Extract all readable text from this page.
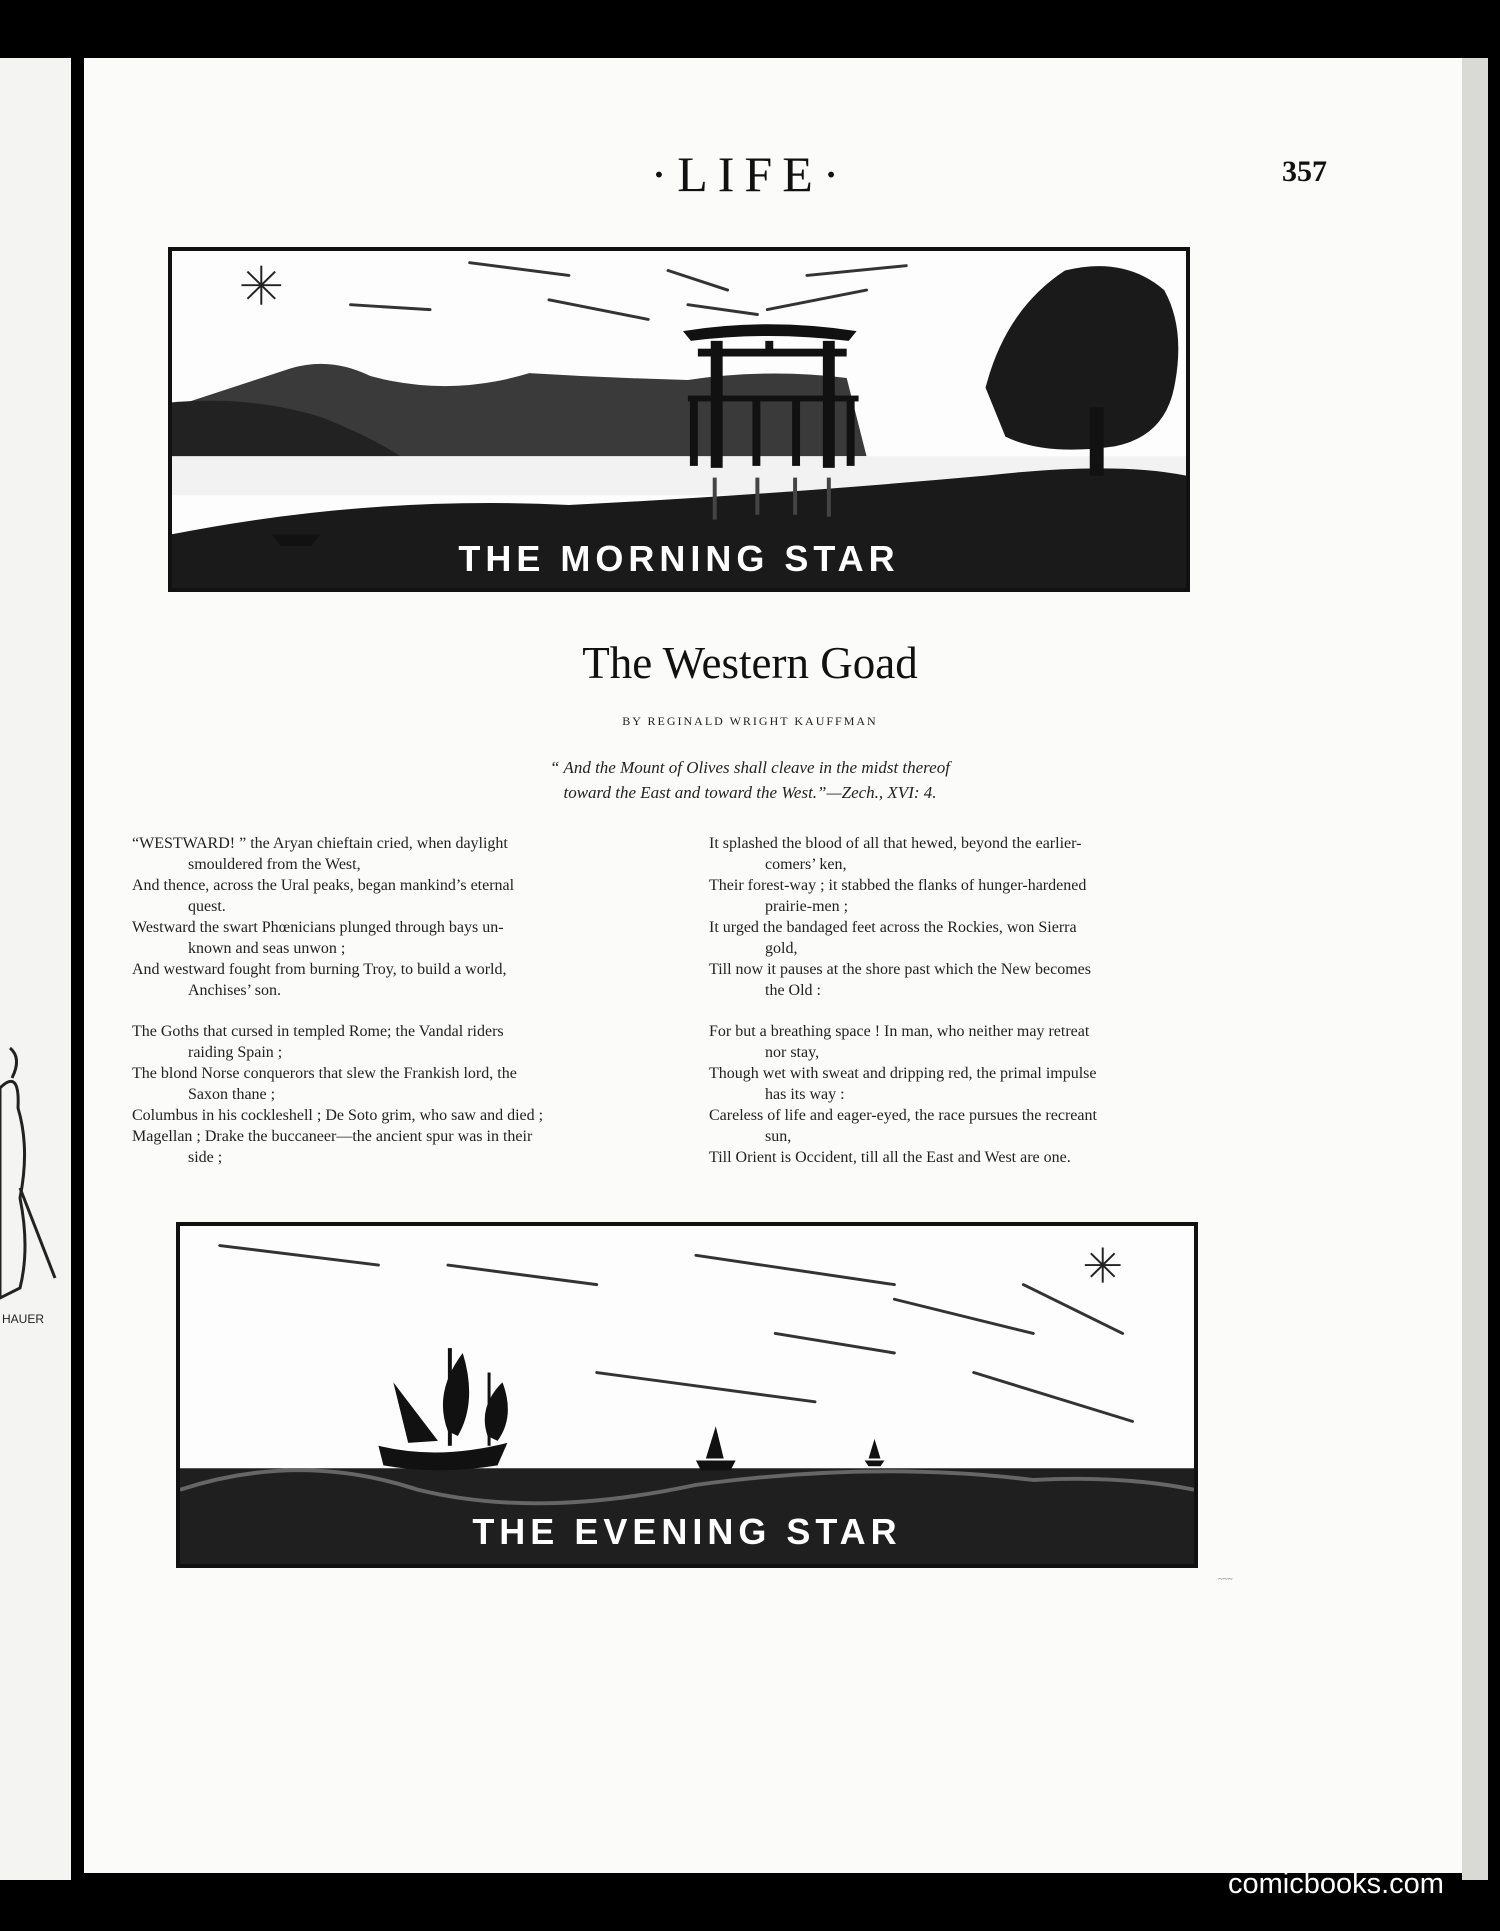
HAUER
·LIFE·	357
THE MORNING STAR
The Western Goad
BY REGINALD WRIGHT KAUFFMAN
“ And the Mount of Olives shall cleave in the midst thereof
toward the East and toward the West.”—Zech., XVI: 4.
“WESTWARD! ” the Aryan chieftain cried, when daylight
smouldered from the West,
And thence, across the Ural peaks, began mankind’s eternal
quest.
Westward the swart Phœnicians plunged through bays un-
known and seas unwon ;
And westward fought from burning Troy, to build a world,
Anchises’ son.
The Goths that cursed in templed Rome; the Vandal riders
raiding Spain ;
The blond Norse conquerors that slew the Frankish lord, the
Saxon thane ;
Columbus in his cockleshell ; De Soto grim, who saw and died ;
Magellan ; Drake the buccaneer—the ancient spur was in their
side ;
It splashed the blood of all that hewed, beyond the earlier-
comers’ ken,
Their forest-way ; it stabbed the flanks of hunger-hardened
prairie-men ;
It urged the bandaged feet across the Rockies, won Sierra
gold,
Till now it pauses at the shore past which the New becomes
the Old :
For but a breathing space ! In man, who neither may retreat
nor stay,
Though wet with sweat and dripping red, the primal impulse
has its way :
Careless of life and eager-eyed, the race pursues the recreant
sun,
Till Orient is Occident, till all the East and West are one.
THE EVENING STAR
~~~
comicbooks.com
